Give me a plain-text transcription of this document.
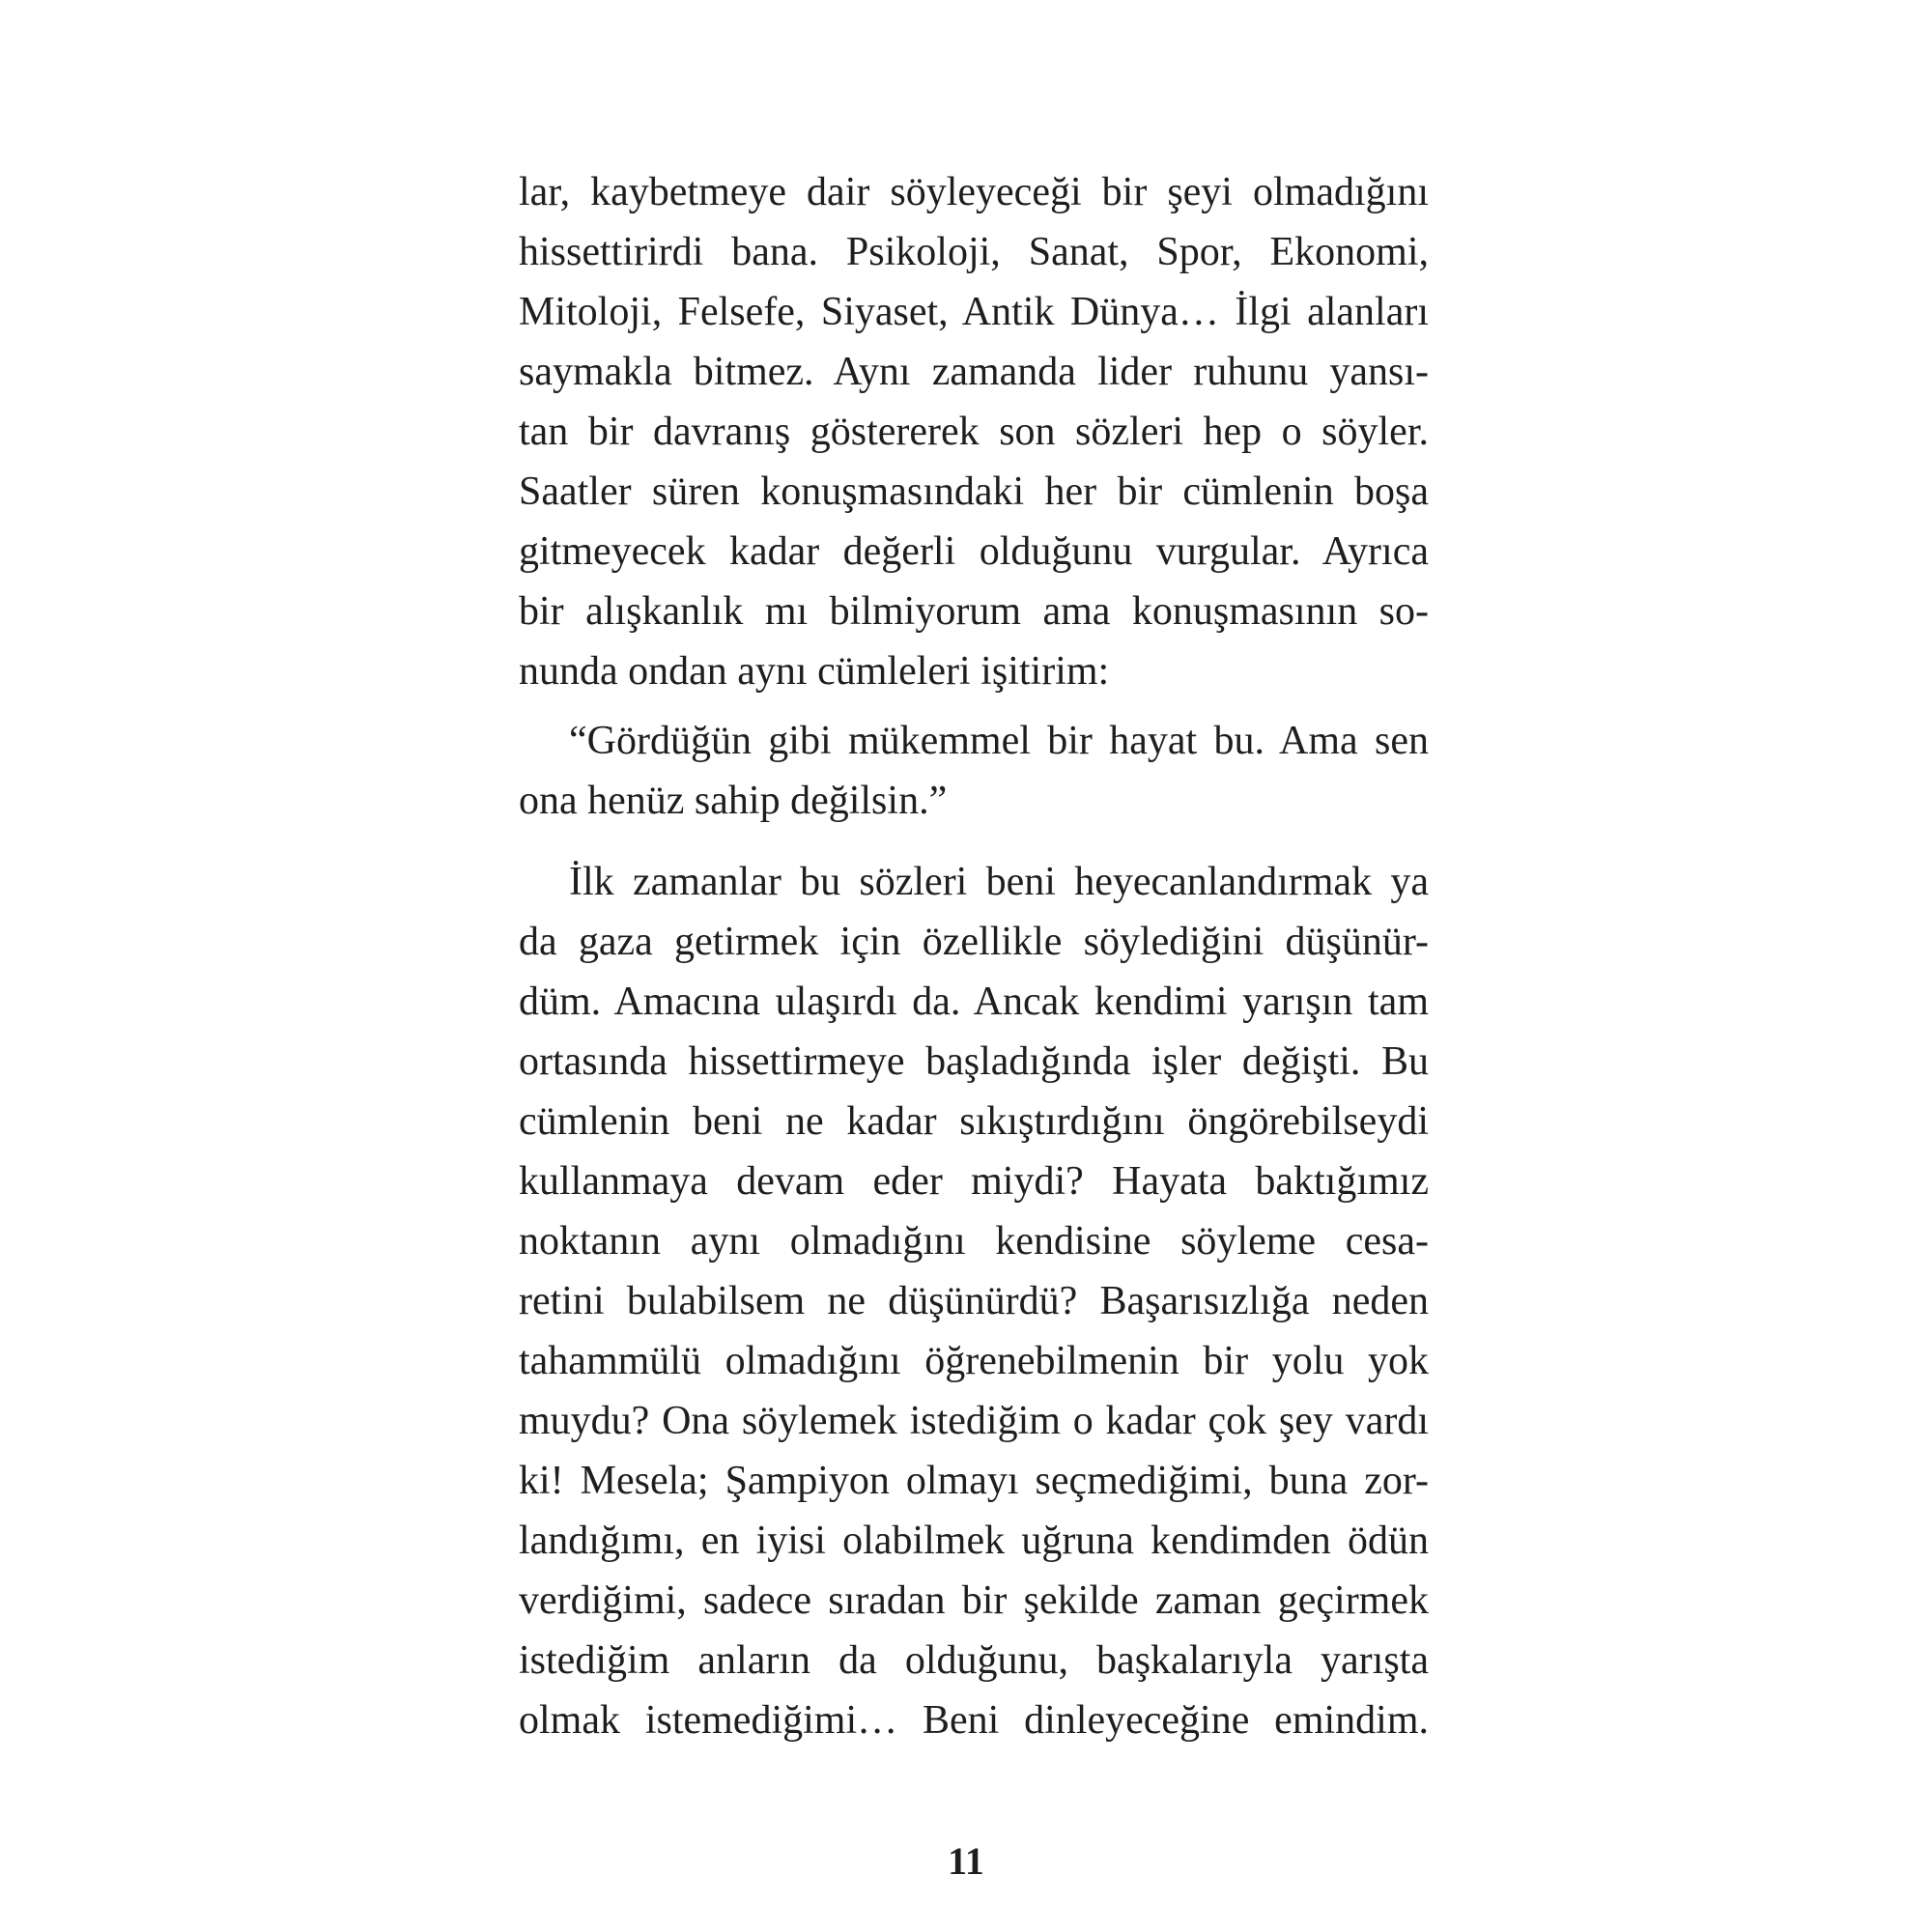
lar, kaybetmeye dair söyleyeceği bir şeyi olmadığını
hissettirirdi bana. Psikoloji, Sanat, Spor, Ekonomi,
Mitoloji, Felsefe, Siyaset, Antik Dünya… İlgi alanları
saymakla bitmez. Aynı zamanda lider ruhunu yansı-
tan bir davranış göstererek son sözleri hep o söyler.
Saatler süren konuşmasındaki her bir cümlenin boşa
gitmeyecek kadar değerli olduğunu vurgular. Ayrıca
bir alışkanlık mı bilmiyorum ama konuşmasının so-
nunda ondan aynı cümleleri işitirim:
“Gördüğün gibi mükemmel bir hayat bu. Ama sen
ona henüz sahip değilsin.”
İlk zamanlar bu sözleri beni heyecanlandırmak ya
da gaza getirmek için özellikle söylediğini düşünür-
düm. Amacına ulaşırdı da. Ancak kendimi yarışın tam
ortasında hissettirmeye başladığında işler değişti. Bu
cümlenin beni ne kadar sıkıştırdığını öngörebilseydi
kullanmaya devam eder miydi? Hayata baktığımız
noktanın aynı olmadığını kendisine söyleme cesa-
retini bulabilsem ne düşünürdü? Başarısızlığa neden
tahammülü olmadığını öğrenebilmenin bir yolu yok
muydu? Ona söylemek istediğim o kadar çok şey vardı
ki! Mesela; Şampiyon olmayı seçmediğimi, buna zor-
landığımı, en iyisi olabilmek uğruna kendimden ödün
verdiğimi, sadece sıradan bir şekilde zaman geçirmek
istediğim anların da olduğunu, başkalarıyla yarışta
olmak istemediğimi… Beni dinleyeceğine emindim.
11
